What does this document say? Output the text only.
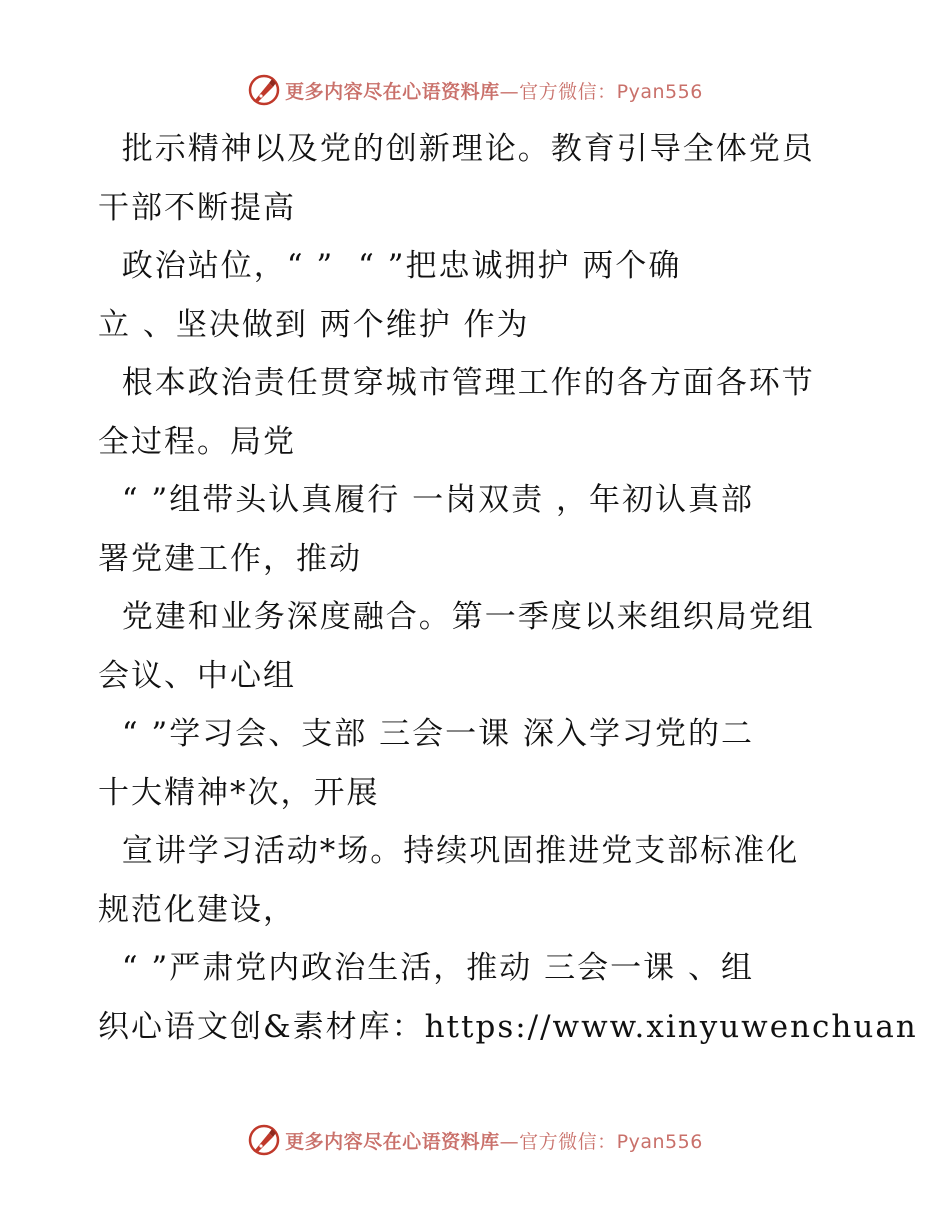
更多内容尽在心语资料库—官方微信：Pyan556
批示精神以及党的创新理论。教育引导全体党员
干部不断提高
政治站位，“ ”  “ ”把忠诚拥护 两个确
立 、坚决做到 两个维护 作为
根本政治责任贯穿城市管理工作的各方面各环节
全过程。局党
“ ”组带头认真履行 一岗双责 ，年初认真部
署党建工作，推动
党建和业务深度融合。第一季度以来组织局党组
会议、中心组
“ ”学习会、支部 三会一课 深入学习党的二
十大精神*次，开展
宣讲学习活动*场。持续巩固推进党支部标准化
规范化建设，
“ ”严肃党内政治生活，推动 三会一课 、组
织心语文创&素材库：https://www.xinyuwenchuan
更多内容尽在心语资料库—官方微信：Pyan556
